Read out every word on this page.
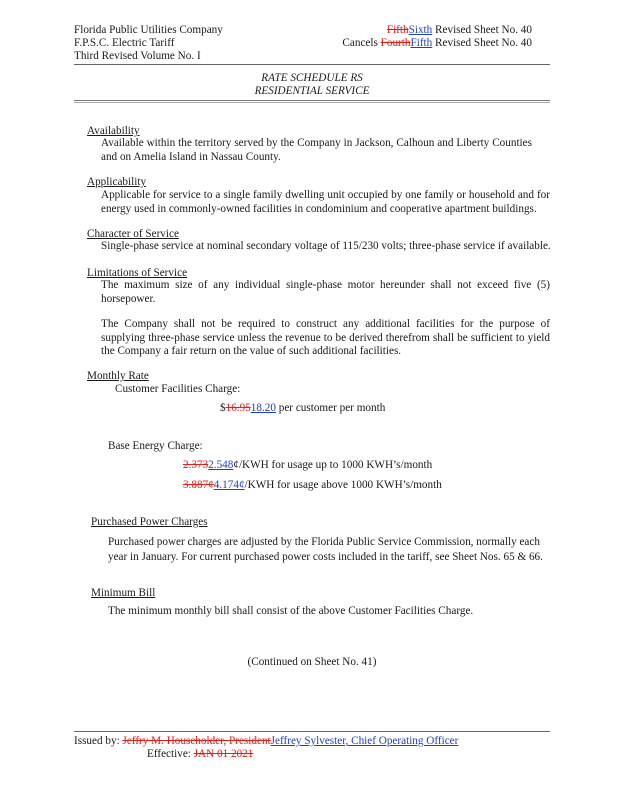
Florida Public Utilities Company
F.P.S.C. Electric Tariff
Third Revised Volume No. I
FifthSixth Revised Sheet No. 40
Cancels FourthFifth Revised Sheet No. 40
RATE SCHEDULE RS
RESIDENTIAL SERVICE
Availability
Available within the territory served by the Company in Jackson, Calhoun and Liberty Counties and on Amelia Island in Nassau County.
Applicability
Applicable for service to a single family dwelling unit occupied by one family or household and for energy used in commonly-owned facilities in condominium and cooperative apartment buildings.
Character of Service
Single-phase service at nominal secondary voltage of 115/230 volts; three-phase service if available.
Limitations of Service
The maximum size of any individual single-phase motor hereunder shall not exceed five (5) horsepower.
The Company shall not be required to construct any additional facilities for the purpose of supplying three-phase service unless the revenue to be derived therefrom shall be sufficient to yield the Company a fair return on the value of such additional facilities.
Monthly Rate
Customer Facilities Charge:
$16.9518.20 per customer per month
Base Energy Charge:
2.3732.548¢/KWH for usage up to 1000 KWH’s/month
3.887¢4.174¢/KWH for usage above 1000 KWH’s/month
Purchased Power Charges
Purchased power charges are adjusted by the Florida Public Service Commission, normally each year in January. For current purchased power costs included in the tariff, see Sheet Nos. 65 & 66.
Minimum Bill
The minimum monthly bill shall consist of the above Customer Facilities Charge.
(Continued on Sheet No. 41)
Issued by: Jeffry M. Householder, PresidentJeffrey Sylvester, Chief Operating Officer
Effective: JAN 01 2021
